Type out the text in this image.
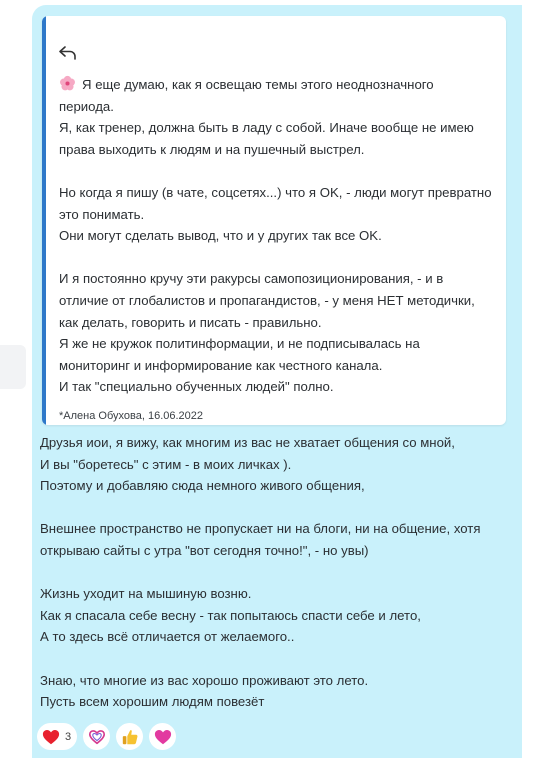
Я еще думаю, как я освещаю темы этого неоднозначного

периода.

Я, как тренер, должна быть в ладу с собой. Иначе вообще не имею

права выходить к людям и на пушечный выстрел.

Но когда я пишу (в чате, соцсетях...) что я OK, - люди могут превратно

это понимать.

Они могут сделать вывод, что и у других так все OK.

И я постоянно кручу эти ракурсы самопозиционирования, - и в

отличие от глобалистов и пропагандистов, - у меня НЕТ методички,

как делать, говорить и писать - правильно.

Я же не кружок политинформации, и не подписывалась на

мониторинг и информирование как честного канала.

И так "специально обученных людей" полно.

*Алена Обухова, 16.06.2022

Друзья иои, я вижу, как многим из вас не хватает общения со мной,

И вы "боретесь" с этим - в моих личках ).

Поэтому и добавляю сюда немного живого общения,

Внешнее пространство не пропускает ни на блоги, ни на общение, хотя

открываю сайты с утра "вот сегодня точно!", - но увы)

Жизнь уходит на мышиную возню.

Как я спасала себе весну - так попытаюсь спасти себе и лето,

А то здесь всё отличается от желаемого..

Знаю, что многие из вас хорошо проживают это лето.

Пусть всем хорошим людям повезёт

3
